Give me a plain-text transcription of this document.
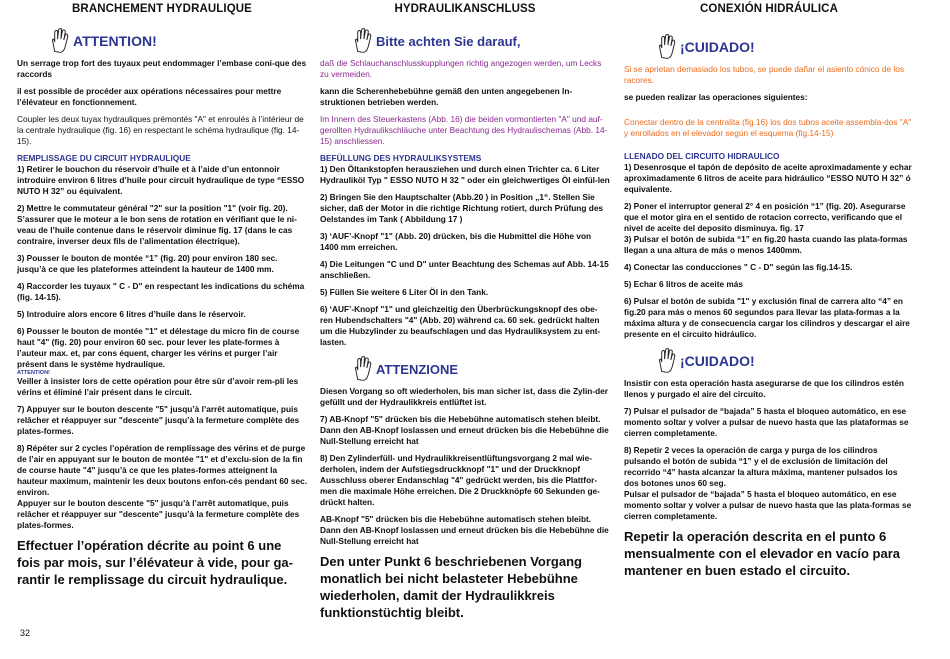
BRANCHEMENT HYDRAULIQUE
ATTENTION!
Un serrage trop fort des tuyaux peut endommager l’embase coni-que des raccords
il est possible de procéder aux opérations nécessaires pour mettre l’élévateur en fonctionnement.
Coupler les deux tuyax hydrauliques prémontés "A" et enroulés à l’intérieur de la centrale hydraulique (fig. 16) en respectant le schéma hydraulique (fig. 14-15).
REMPLISSAGE DU CIRCUIT HYDRAULIQUE
1) Retirer le bouchon du réservoir d’huile et à l’aide d’un entonnoir introduire environ 6 litres d’huile pour circuit hydraulique de type “ESSO NUTO H 32” ou équivalent.
2) Mettre le commutateur général "2" sur la position "1" (voir fig. 20). S’assurer que le moteur a le bon sens de rotation en vérifiant que le ni-veau de l’huile contenue dans le réservoir diminue fig. 17 (dans le cas contraire, inverser deux fils de l’alimentation électrique).
3) Pousser le bouton de montée “1” (fig. 20) pour environ 180 sec. jusqu’à ce que les plateformes atteindent la hauteur de 1400 mm.
4) Raccorder les tuyaux " C - D" en respectant les indications du schéma (fig. 14-15).
5) Introduire alors encore 6 litres d’huile dans le réservoir.
6) Pousser le bouton de montée "1" et délestage du micro fin de course haut "4" (fig. 20) pour environ 60 sec. pour lever les plate-formes à l’auteur max. et, par cons équent, charger les vérins et purger l’air présent dans le système hydraulique.
ATTENTION!
Veiller à insister lors de cette opération pour être sûr d’avoir rem-pli les vérins et éliminé l’air présent dans le circuit.
7) Appuyer sur le bouton descente "5" jusqu’à l’arrêt automatique, puis relâcher et réappuyer sur "descente" jusqu’à la fermeture complète des plates-formes.
8) Répéter sur 2 cycles l’opération de remplissage des vérins et de purge de l’air en appuyant sur le bouton de montée "1" et d’exclu-sion de la fin de course haute "4" jusqu’à ce que les plates-formes atteignent la hauteur maximum, maintenir les deux boutons enfon-cés pendant 60 sec. environ.
Appuyer sur le bouton descente "5" jusqu’à l’arrêt automatique, puis relâcher et réappuyer sur "descente" jusqu’à la fermeture complète des plates-formes.
Effectuer l’opération décrite au point 6 une fois par mois, sur l’élévateur à vide, pour ga-rantir le remplissage du circuit hydraulique.
HYDRAULIKANSCHLUSS
Bitte achten Sie darauf,
daß die Schlauchanschlusskupplungen richtig angezogen werden, um Lecks zu vermeiden.
kann die Scherenhebebühne gemäß den unten angegebenen In-struktionen betrieben werden.
Im Innern des Steuerkastens (Abb. 16) die beiden vormontierten "A" und auf-gerollten Hydraulikschläuche unter Beachtung des Hydraulischemas (Abb. 14-15) anschliessen.
BEFÜLLUNG DES HYDRAULIKSYSTEMS
1) Den Öltankstopfen herausziehen und durch einen Trichter ca. 6 Liter Hydrauliköl Typ " ESSO NUTO H 32 " oder ein gleichwertiges Öl einfül-len
2) Bringen Sie den Hauptschalter (Abb.20 ) in Position „1“. Stellen Sie sicher, daß der Motor in die richtige Richtung rotiert, durch Prüfung des Oelstandes im Tank ( Abbildung 17 )
3) ‘AUF’-Knopf "1" (Abb. 20) drücken, bis die Hubmittel die Höhe von 1400 mm erreichen.
4) Die Leitungen "C und D" unter Beachtung des Schemas auf Abb. 14-15 anschließen.
5) Füllen Sie weitere 6 Liter Öl in den Tank.
6) ‘AUF’-Knopf "1" und gleichzeitig den Überbrückungsknopf des obe-ren Hubendschalters "4" (Abb. 20) während ca. 60 sek. gedrückt halten um die Hubzylinder zu beaufschlagen und das Hydrauliksystem zu ent-lasten.
ATTENZIONE
Diesen Vorgang so oft wiederholen, bis man sicher ist, dass die Zylin-der gefüllt und der Hydraulikkreis entlüftet ist.
7) AB-Knopf "5" drücken bis die Hebebühne automatisch stehen bleibt. Dann den AB-Knopf loslassen und erneut drücken bis die Hebebühne die Null-Stellung erreicht hat
8) Den Zylinderfüll- und Hydraulikkreisentlüftungsvorgang 2 mal wie-derholen, indem der Aufstiegsdruckknopf "1" und der Druckknopf Ausschluss oberer Endanschlag "4" gedrückt werden, bis die Plattfor-men die maximale Höhe erreichen. Die 2 Druckknöpfe 60 Sekunden ge-drückt halten.
AB-Knopf "5" drücken bis die Hebebühne automatisch stehen bleibt. Dann den AB-Knopf loslassen und erneut drücken bis die Hebebühne die Null-Stellung erreicht hat
Den unter Punkt 6 beschriebenen Vorgang monatlich bei nicht belasteter Hebebühne wiederholen, damit der Hydraulikkreis funktionstüchtig bleibt.
CONEXIÓN HIDRÁULICA
¡CUIDADO!
Si se aprietan demasiado los tubos, se puede dañar el asiento cónico de los racores.
se pueden realizar las operaciones siguientes:
Conectar dentro de la centralita (fig.16) los dos tubos aceite assembla-dos "A" y enrollados en el elevador según el esquema (fig.14-15)
LLENADO DEL CIRCUITO HIDRAULICO
1) Desenrosque el tapón de depósito de aceite aproximadamente y echar aproximadamente 6 litros de aceite para hidráulico “ESSO NUTO H 32” ó equivalente.
2) Poner el interruptor general 2° 4 en posición “1” (fig. 20). Asegurarse que el motor gira en el sentido de rotacion correcto, verificando que el nivel de aceite del deposito disminuya. fig. 17
3) Pulsar el botón de subida “1” en fig.20 hasta cuando las plata-formas llegan a una altura de más o menos 1400mm.
4) Conectar las conducciones " C - D" según las fig.14-15.
5) Echar 6 litros de aceite más
6) Pulsar el botón de subida "1" y exclusión final de carrera alto “4” en fig.20 para más o menos 60 segundos para llevar las plata-formas a la máxima altura y de consecuencia cargar los cilindros y descargar el aire presente en el circuito hidráulico.
¡CUIDADO!
Insistir con esta operación hasta asegurarse de que los cilindros estén llenos y purgado el aire del circuito.
7) Pulsar el pulsador de “bajada” 5 hasta el bloqueo automático, en ese momento soltar y volver a pulsar de nuevo hasta que las plataformas se cierren completamente.
8) Repetir 2 veces la operación de carga y purga de los cilindros pulsando el botón de subida “1” y el de exclusión de limitación del recorrido “4” hasta alcanzar la altura máxima, mantener pulsados los dos botones unos 60 seg.
Pulsar el pulsador de “bajada” 5 hasta el bloqueo automático, en ese momento soltar y volver a pulsar de nuevo hasta que las plata-formas se cierren completamente.
Repetir la operación descrita en el punto 6 mensualmente con el elevador en vacío para mantener en buen estado el circuito.
32
